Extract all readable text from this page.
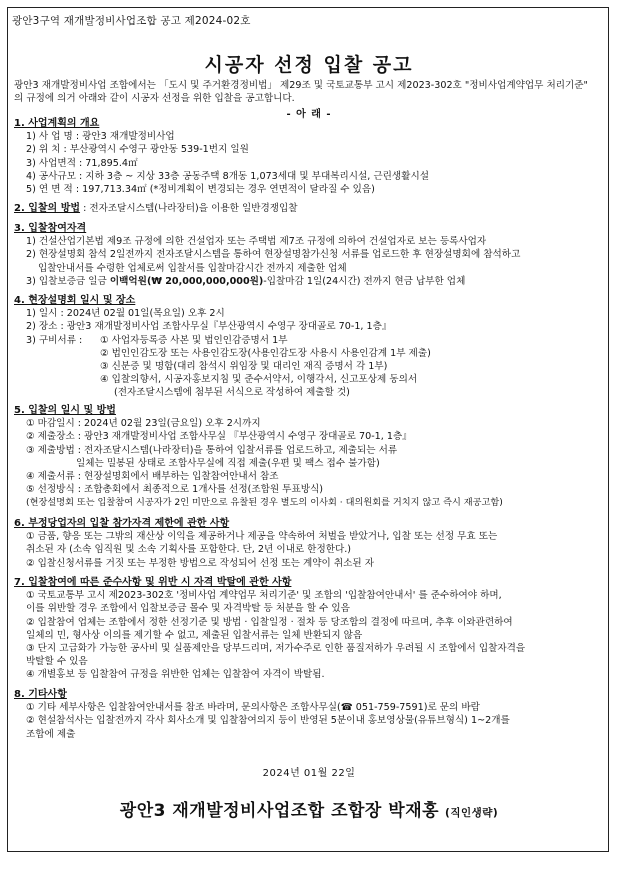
광안3구역 재개발정비사업조합 공고 제2024-02호
시공자 선정 입찰 공고
광안3 재개발정비사업 조합에서는 「도시 및 주거환경정비법」 제29조 및 국토교통부 고시 제2023-302호 "정비사업계약업무 처리기준" 의 규정에 의거 아래와 같이 시공자 선정을 위한 입찰을 공고합니다.
- 아 래 -
1. 사업계획의 개요
1) 사 업 명 : 광안3 재개발정비사업
2) 위 치 : 부산광역시 수영구 광안동 539-1번지 일원
3) 사업면적 : 71,895.4㎡
4) 공사규모 : 지하 3층 ~ 지상 33층 공동주택 8개동 1,073세대 및 부대복리시설, 근린생활시설
5) 연 면 적 : 197,713.34㎡ (*정비계획이 변경되는 경우 연면적이 달라질 수 있음)
2. 입찰의 방법 : 전자조달시스템(나라장터)을 이용한 일반경쟁입찰
3. 입찰참여자격
1) 건설산업기본법 제9조 규정에 의한 건설업자 또는 주택법 제7조 규정에 의하여 건설업자로 보는 등록사업자
2) 현장설명회 참석 2일전까지 전자조달시스템을 통하여 현장설명참가신청 서류를 업로드한 후 현장설명회에 참석하고
입찰안내서를 수령한 업체로써 입찰서를 입찰마감시간 전까지 제출한 업체
3) 입찰보증금 일금 이백억원(₩ 20,000,000,000원)-입찰마감 1일(24시간) 전까지 현금 납부한 업체
4. 현장설명회 일시 및 장소
1) 일시 : 2024년 02월 01일(목요일) 오후 2시
2) 장소 : 광안3 재개발정비사업 조합사무실『부산광역시 수영구 장대골로 70-1, 1층』
3) 구비서류 : ① 사업자등록증 사본 및 법인인감증명서 1부
② 법인인감도장 또는 사용인감도장(사용인감도장 사용시 사용인감계 1부 제출)
③ 신분증 및 명함(대리 참석시 위임장 및 대리인 재직 증명서 각 1부)
④ 입찰의향서, 시공자홍보지침 및 준수서약서, 이행각서, 신고포상제 동의서
(전자조달시스템에 첨부된 서식으로 작성하여 제출할 것)
5. 입찰의 일시 및 방법
① 마감일시 : 2024년 02월 23일(금요일) 오후 2시까지
② 제출장소 : 광안3 재개발정비사업 조합사무실 『부산광역시 수영구 장대골로 70-1, 1층』
③ 제출방법 : 전자조달시스템(나라장터)을 통하여 입찰서류를 업로드하고, 제출되는 서류
일체는 밀봉된 상태로 조합사무실에 직접 제출(우편 및 팩스 접수 불가함)
④ 제출서류 : 현장설명회에서 배부하는 입찰참여안내서 참조
⑤ 선정방식 : 조합총회에서 최종적으로 1개사를 선정(조합원 투표방식)
(현장설명회 또는 입찰참여 시공자가 2인 미만으로 유찰된 경우 별도의 이사회 · 대의원회를 거치지 않고 즉시 재공고함)
6. 부정당업자의 입찰 참가자격 제한에 관한 사항
① 금품, 향응 또는 그밖의 재산상 이익을 제공하거나 제공을 약속하여 처벌을 받았거나, 입찰 또는 선정 무효 또는
취소된 자 (소속 임직원 및 소속 기획사를 포함한다. 단, 2년 이내로 한정한다.)
② 입찰신청서류를 거짓 또는 부정한 방법으로 작성되어 선정 또는 계약이 취소된 자
7. 입찰참여에 따른 준수사항 및 위반 시 자격 박탈에 관한 사항
① 국토교통부 고시 제2023-302호 '정비사업 계약업무 처리기준' 및 조합의 '입찰참여안내서' 를 준수하여야 하며,
이를 위반할 경우 조합에서 입찰보증금 몰수 및 자격박탈 등 처분을 할 수 있음
② 입찰참여 업체는 조합에서 정한 선정기준 및 방법 · 입찰일정 · 절차 등 당조합의 결정에 따르며, 추후 이와관련하여
일체의 민, 형사상 이의를 제기할 수 없고, 제출된 입찰서류는 일체 반환되지 않음
③ 단지 고급화가 가능한 공사비 및 실품제안을 당부드리며, 저가수주로 인한 품질저하가 우려될 시 조합에서 입찰자격을
박탈할 수 있음
④ 개별홍보 등 입찰참여 규정을 위반한 업체는 입찰참여 자격이 박탈됨.
8. 기타사항
① 기타 세부사항은 입찰참여안내서를 참조 바라며, 문의사항은 조합사무실(☎ 051-759-7591)로 문의 바람
② 현설참석사는 입찰전까지 각사 회사소개 및 입찰참여의지 등이 반영된 5분이내 홍보영상물(유튜브형식) 1~2개를
조합에 제출
2024년 01월 22일
광안3 재개발정비사업조합 조합장 박재홍 (직인생략)
